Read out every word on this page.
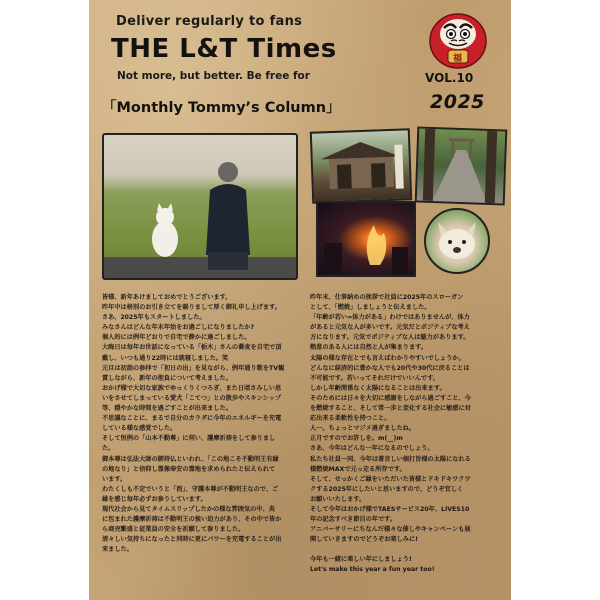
Deliver regularly to fans
THE L&T Times
Not more, but better. Be free for
福
VOL.10
2025
「Monthly Tommy’s Column」

皆様、新年あけましておめでとうございます。
昨年中は格別のお引き立てを賜りまして厚く御礼申し上げます。

さあ、2025年もスタートしました。
みなさんはどんな年末年始をお過ごしになりましたか?
個人的には例年どおりで自宅で静かに過ごしました。
大晦日は毎年お世話になっている「栃木」さんの蕎麦を自宅で頂
戴し、いつも通り22時には就寝しました。笑
元旦は初詣の参拝で「初日の出」を見ながら、例年通り歌をTV観
賞しながら、新年の抱負について考えました。
おかげ様で大切な家族でゆっくりくつろぎ、また日頃さみしい思
いをさせてしまっている愛犬「こてつ」との散歩やスキンシップ
等、穏やかな時間を過ごすことが出来ました。
不思議なことに、まるで自分のカラダに今年のエネルギーを充電
している様な感覚でした。
そして恒例の「山本不動尊」に伺い、護摩祈祷をして参りまし
た。
御本尊は弘法大師の御持仏といわれ、「この地こそ不動明王有縁
の地なり」と信仰し霊像奉安の霊地を求められたと伝えられて
います。
わたくしも不定でいうと「酉」、守護本尊が不動明王なので、ご
縁を感じ毎年必ずお参りしています。
現代社会から見てタイムスリップしたかの様な雰囲気の中、炎
に包まれた護摩祈祷は不動明王の強い迫力があり、その中で皆か
ら商売繁盛と従業員の安全を祈願して参りました。
清々しい気持ちになったと同時に更にパワーを充電することが出
来ました。

昨年末、仕事納めの挨拶で社員に2025年のスローガン
として、「燃焼」しましょうと伝えました。
「年齢が若い=体力がある」わけではありませんが、体力
があると元気な人が多いです。元気だとポジティブな考え
方になります。元気でポジティブな人は魅力があります。

熱意のある人には自然と人が集まります。
太陽の様な存在とでも言えばわかりやすいでしょうか。
どんなに経済的に豊かな人でも20代や30代に戻ることは
不可能です。若いってそれだけでいいんです。
しかし年齢関係なく太陽になることは出来ます。
そのためには日々を大切に感謝をしながら過ごすこと、今
を燃焼すること、そして常一歩と変化する社会に敏感に対
応出来る柔軟性を持つこと。
人一。ちょっとマジメ過ぎましたね。
正月ですのでお許しを。m(__)m
さあ、今年はどんな一年になるのでしょう。
私たち社員一同、今年は著音しい個打旨様の太陽になれる
様燃焼MAXで元っ走る所存です。
そして、せっかくご縁をいただいた皆様とドキドキワクワ
クする2025年にしたいと思いますので、どうぞ宜しく
お願いいたします。
そして今年はおかげ様でTAESサービス20年、LIVES10
年の記念すべき節目の年です。
アニバーサリーにちなんだ様々な催しやキャンペーンも展
開していきますのでどうぞお楽しみに!

今年も一緒に楽しい年にしましょう!
Let's make this year a fun year too!
